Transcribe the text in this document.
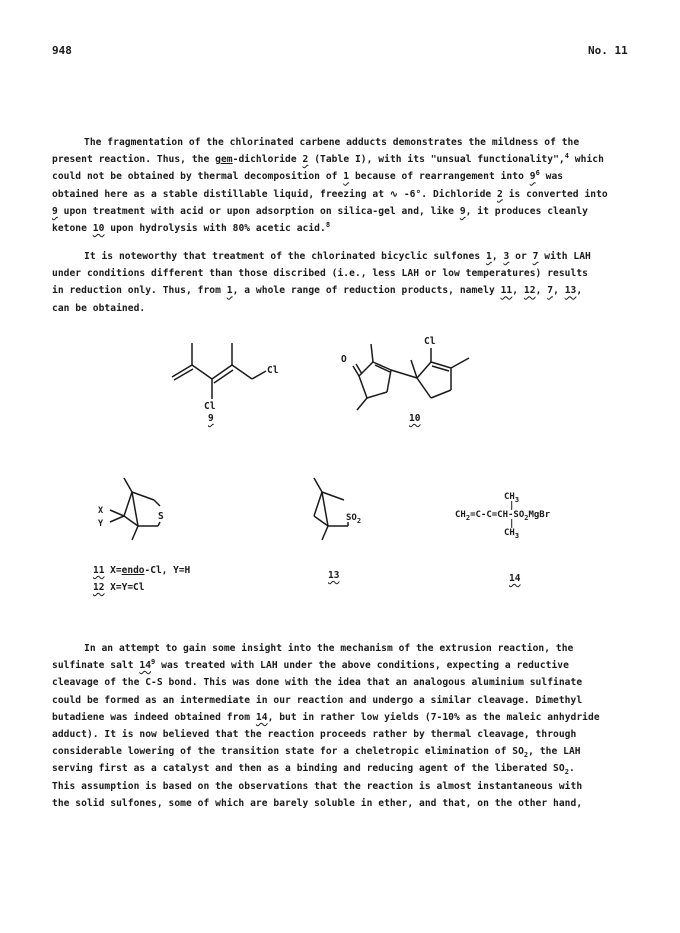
948	No. 11

The fragmentation of the chlorinated carbene adducts demonstrates the mildness of the

present reaction. Thus, the gem-dichloride 2 (Table I), with its "unsual functionality",$^4$ which

could not be obtained by thermal decomposition of 1 because of rearrangement into $9^6$ was

obtained here as a stable distillable liquid, freezing at ∿ -6°. Dichloride 2 is converted into

9 upon treatment with acid or upon adsorption on silica-gel and, like 9, it produces cleanly

ketone 10 upon hydrolysis with 80% acetic acid.$^8$

It is noteworthy that treatment of the chlorinated bicyclic sulfones 1, 3 or 7 with LAH

under conditions different than those discribed (i.e., less LAH or low temperatures) results

in reduction only. Thus, from 1, a whole range of reduction products, namely 11, 12, 7, 13,

can be obtained.

Cl
Cl
9
O
Cl
10
X
Y
S
11 X=endo-Cl, Y=H
12 X=Y=Cl
$SO_2$
13
$CH_3$
|
$CH_2=C-C=CH-SO_2MgBr$
|
$CH_3$
14

In an attempt to gain some insight into the mechanism of the extrusion reaction, the

sulfinate salt $14^9$ was treated with LAH under the above conditions, expecting a reductive

cleavage of the C-S bond. This was done with the idea that an analogous aluminium sulfinate

could be formed as an intermediate in our reaction and undergo a similar cleavage. Dimethyl

butadiene was indeed obtained from 14, but in rather low yields (7-10% as the maleic anhydride

adduct). It is now believed that the reaction proceeds rather by thermal cleavage, through

considerable lowering of the transition state for a cheletropic elimination of $SO_2$, the LAH

serving first as a catalyst and then as a binding and reducing agent of the liberated $SO_2$.

This assumption is based on the observations that the reaction is almost instantaneous with

the solid sulfones, some of which are barely soluble in ether, and that, on the other hand,
